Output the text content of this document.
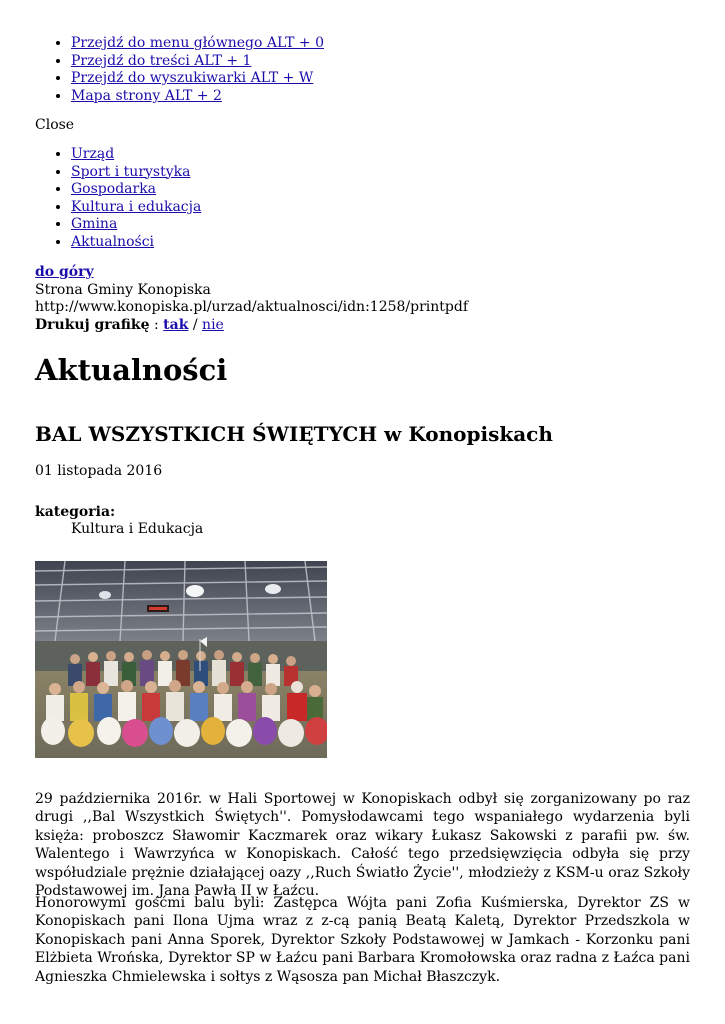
• Przejdź do menu głównego ALT + 0
• Przejdź do treści ALT + 1
• Przejdź do wyszukiwarki ALT + W
• Mapa strony ALT + 2
Close
• Urząd
• Sport i turystyka
• Gospodarka
• Kultura i edukacja
• Gmina
• Aktualności
do góry
Strona Gminy Konopiska
http://www.konopiska.pl/urzad/aktualnosci/idn:1258/printpdf
Drukuj grafikę : tak / nie
Aktualności
BAL WSZYSTKICH ŚWIĘTYCH w Konopiskach
01 listopada 2016
kategoria:
Kultura i Edukacja

29 października 2016r. w Hali Sportowej w Konopiskach odbył się zorganizowany po raz drugi ,,Bal Wszystkich Świętych''. Pomysłodawcami tego wspaniałego wydarzenia byli księża: proboszcz Sławomir Kaczmarek oraz wikary Łukasz Sakowski z parafii pw. św. Walentego i Wawrzyńca w Konopiskach. Całość tego przedsięwzięcia odbyła się przy współudziale prężnie działającej oazy ,,Ruch Światło Życie'', młodzieży z KSM-u oraz Szkoły Podstawowej im. Jana Pawła II w Łaźcu.

Honorowymi gośćmi balu byli: Zastępca Wójta pani Zofia Kuśmierska, Dyrektor ZS w Konopiskach pani Ilona Ujma wraz z z-cą panią Beatą Kaletą, Dyrektor Przedszkola w Konopiskach pani Anna Sporek, Dyrektor Szkoły Podstawowej w Jamkach - Korzonku pani Elżbieta Wrońska, Dyrektor SP w Łaźcu pani Barbara Kromołowska oraz radna z Łaźca pani Agnieszka Chmielewska i sołtys z Wąsosza pan Michał Błaszczyk.
